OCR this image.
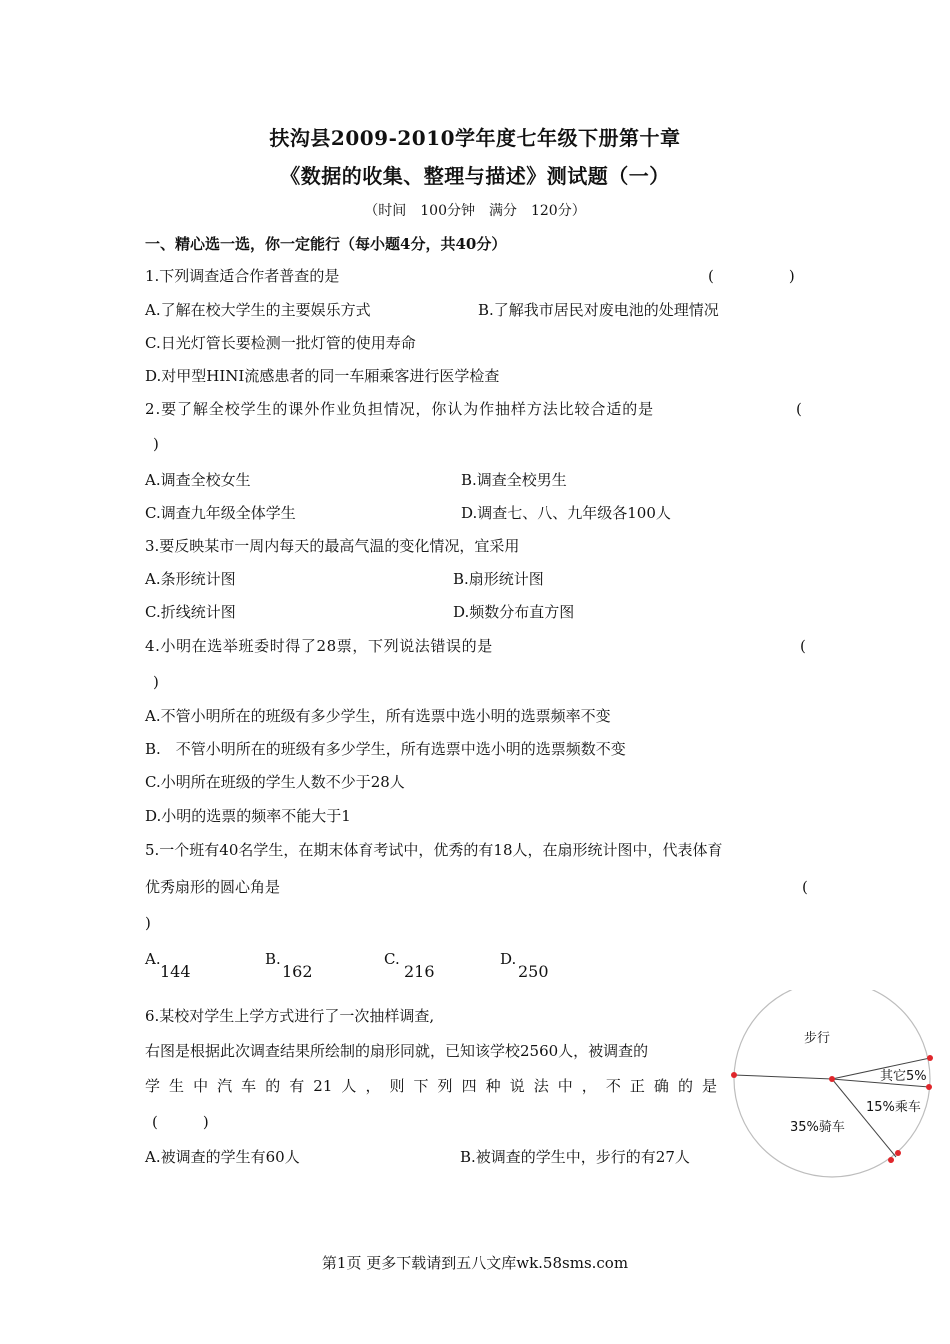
扶沟县2009-2010学年度七年级下册第十章
《数据的收集、整理与描述》测试题（一）
（时间　100分钟　满分　120分）
一、精心选一选，你一定能行（每小题4分，共40分）
1.下列调查适合作者普查的是	(　　　　　)
A.了解在校大学生的主要娱乐方式	B.了解我市居民对废电池的处理情况
C.日光灯管长要检测一批灯管的使用寿命
D.对甲型HINI流感患者的同一车厢乘客进行医学检查
2.要了解全校学生的课外作业负担情况，你认为作抽样方法比较合适的是	(
)
A.调查全校女生	B.调查全校男生
C.调查九年级全体学生	D.调查七、八、九年级各100人
3.要反映某市一周内每天的最高气温的变化情况，宜采用
A.条形统计图	B.扇形统计图
C.折线统计图	D.频数分布直方图
4.小明在选举班委时得了28票，下列说法错误的是	(
)
A.不管小明所在的班级有多少学生，所有选票中选小明的选票频率不变
B.　不管小明所在的班级有多少学生，所有选票中选小明的选票频数不变
C.小明所在班级的学生人数不少于28人
D.小明的选票的频率不能大于1
5.一个班有40名学生，在期末体育考试中，优秀的有18人，在扇形统计图中，代表体育
优秀扇形的圆心角是	(
)
A.
144
B.
162
C.
216
D.
250
6.某校对学生上学方式进行了一次抽样调查,
右图是根据此次调查结果所绘制的扇形同就，已知该学校2560人，被调查的
学生中汽车的有21人，则下列四种说法中，不正确的是
(　　　)
A.被调查的学生有60人	B.被调查的学生中，步行的有27人
步行
其它5%
15%乘车
35%骑车
第1页 更多下载请到五八文库wk.58sms.com
